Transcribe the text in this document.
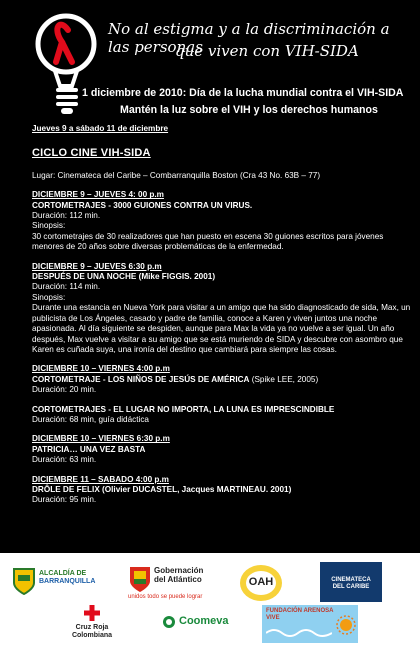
No al estigma y a la discriminación a las personas
que viven con VIH-SIDA
1 diciembre de 2010: Día de la lucha mundial contra el VIH-SIDA
Mantén la luz sobre el VIH y los derechos humanos
Jueves 9 a sábado 11 de diciembre
CICLO CINE VIH-SIDA
Lugar: Cinemateca del Caribe – Combarranquilla Boston (Cra 43 No. 63B – 77)
DICIEMBRE 9 – JUEVES 4: 00 p.m
CORTOMETRAJES - 3000 GUIONES CONTRA UN VIRUS.
Duración: 112 min.
Sinopsis:
30 cortometrajes de 30 realizadores que han puesto en escena 30 guiones escritos para jóvenes menores de 20 años sobre diversas problemáticas de la enfermedad.
DICIEMBRE 9 – JUEVES 6:30 p.m
DESPUÉS DE UNA NOCHE (Mike FIGGIS. 2001)
Duración: 114 min.
Sinopsis:
Durante una estancia en Nueva York para visitar a un amigo que ha sido diagnosticado de sida, Max, un publicista de Los Ángeles, casado y padre de familia, conoce a Karen y viven juntos una noche apasionada. Al día siguiente se despiden, aunque para Max la vida ya no vuelve a ser igual. Un año después, Max vuelve a visitar a su amigo que se está muriendo de SIDA y descubre con asombro que Karen es cuñada suya, una ironía del destino que cambiará para siempre las cosas.
DICIEMBRE 10 – VIERNES 4:00 p.m
CORTOMETRAJE - LOS NIÑOS DE JESÚS DE AMÉRICA (Spike LEE, 2005)
Duración: 20 min.
CORTOMETRAJES - EL LUGAR NO IMPORTA, LA LUNA ES IMPRESCINDIBLE
Duración: 68 min, guía didáctica
DICIEMBRE 10 – VIERNES 6:30 p.m
PATRICIA… UNA VEZ BASTA
Duración: 63 min.
DICIEMBRE 11 – SABADO 4:00 p.m
DRÔLE DE FELIX (Olivier DUCASTEL, Jacques MARTINEAU. 2001)
Duración: 95 min.
ALCALDÍA DE
BARRANQUILLA
Gobernación
del Atlántico
unidos todo se puede lograr
OAH	CINEMATECA
DEL CARIBE
Cruz Roja
Colombiana
Coomeva
FUNDACIÓN ARENOSA VIVE
